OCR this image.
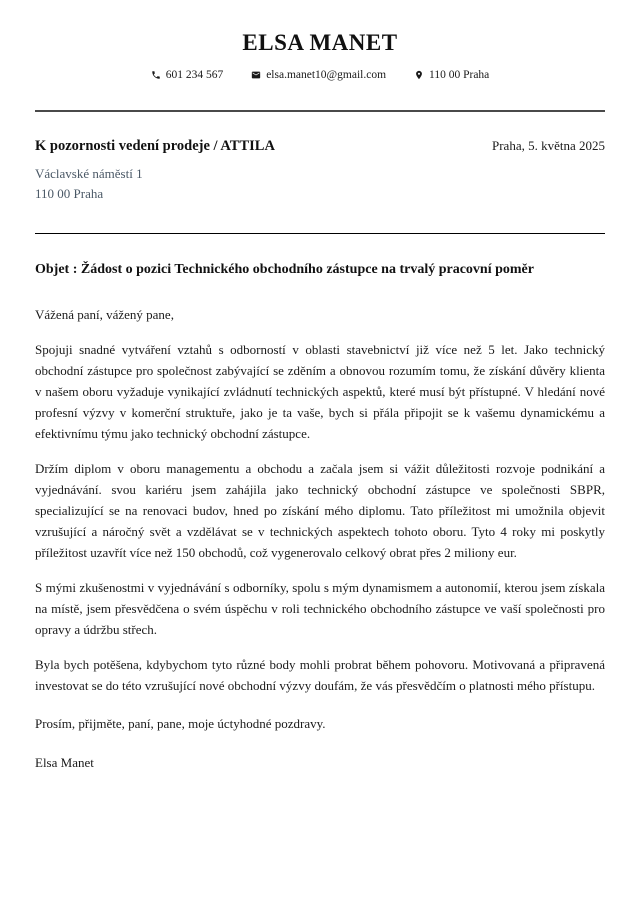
ELSA MANET
601 234 567	elsa.manet10@gmail.com	110 00 Praha
K pozornosti vedení prodeje / ATTILA	Praha, 5. května 2025
Václavské náměstí 1
110 00 Praha
Objet : Žádost o pozici Technického obchodního zástupce na trvalý pracovní poměr

Vážená paní, vážený pane,

Spojuji snadné vytváření vztahů s odborností v oblasti stavebnictví již více než 5 let. Jako technický obchodní zástupce pro společnost zabývající se zděním a obnovou rozumím tomu, že získání důvěry klienta v našem oboru vyžaduje vynikající zvládnutí technických aspektů, které musí být přístupné. V hledání nové profesní výzvy v komerční struktuře, jako je ta vaše, bych si přála připojit se k vašemu dynamickému a efektivnímu týmu jako technický obchodní zástupce.

Držím diplom v oboru managementu a obchodu a začala jsem si vážit důležitosti rozvoje podnikání a vyjednávání. svou kariéru jsem zahájila jako technický obchodní zástupce ve společnosti SBPR, specializující se na renovaci budov, hned po získání mého diplomu. Tato příležitost mi umožnila objevit vzrušující a náročný svět a vzdělávat se v technických aspektech tohoto oboru. Tyto 4 roky mi poskytly příležitost uzavřít více než 150 obchodů, což vygenerovalo celkový obrat přes 2 miliony eur.

S mými zkušenostmi v vyjednávání s odborníky, spolu s mým dynamismem a autonomií, kterou jsem získala na místě, jsem přesvědčena o svém úspěchu v roli technického obchodního zástupce ve vaší společnosti pro opravy a údržbu střech.

Byla bych potěšena, kdybychom tyto různé body mohli probrat během pohovoru. Motivovaná a připravená investovat se do této vzrušující nové obchodní výzvy doufám, že vás přesvědčím o platnosti mého přístupu.

Prosím, přijměte, paní, pane, moje úctyhodné pozdravy.

Elsa Manet
